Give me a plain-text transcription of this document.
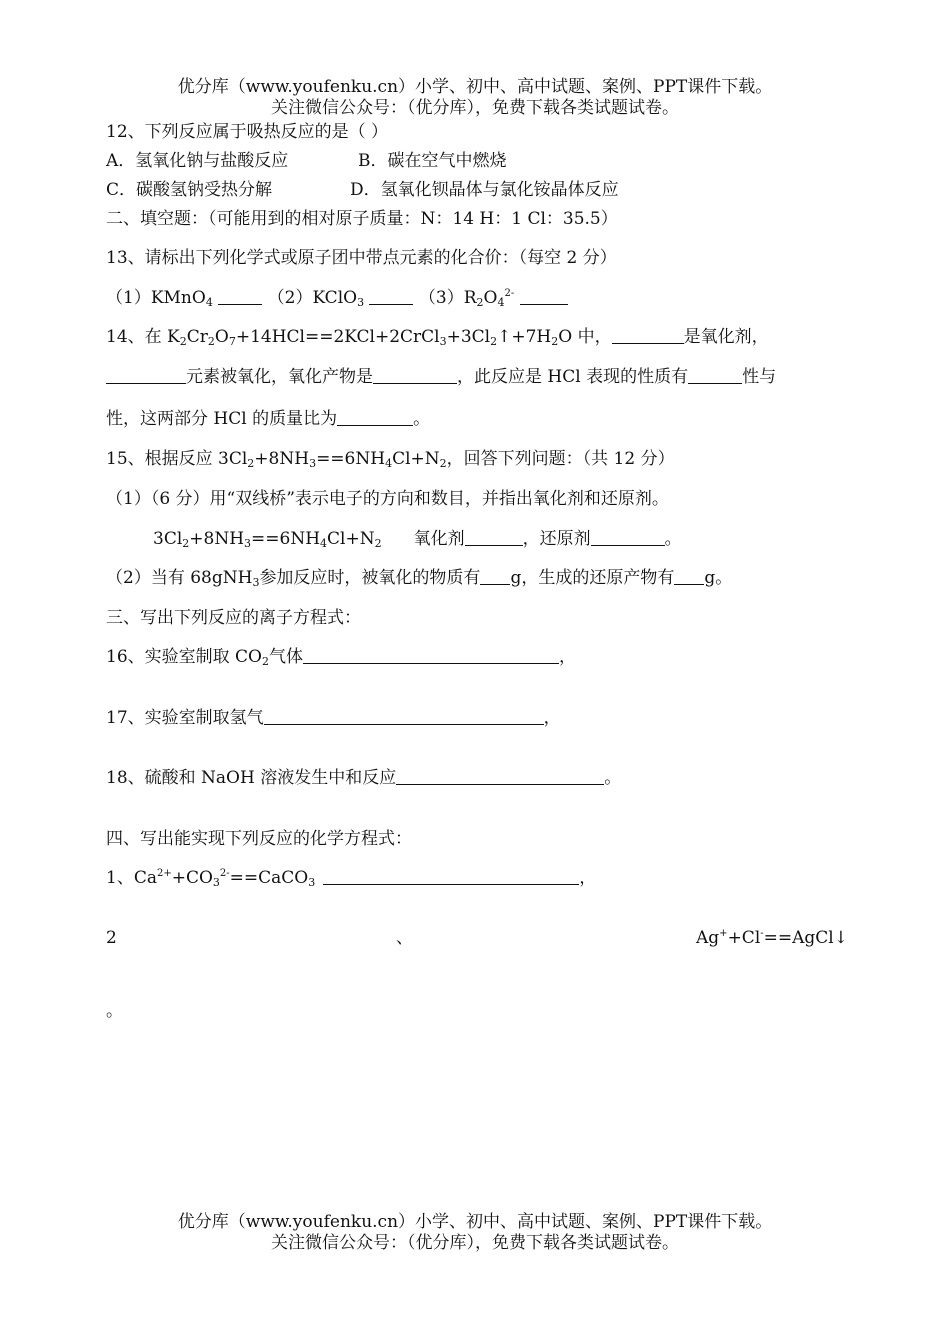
优分库（www.youfenku.cn）小学、初中、高中试题、案例、PPT课件下载。
关注微信公众号：（优分库），免费下载各类试题试卷。
12、下列反应属于吸热反应的是（ ）
A．氢氧化钠与盐酸反应	B．碳在空气中燃烧
C．碳酸氢钠受热分解	D．氢氧化钡晶体与氯化铵晶体反应
二、填空题：（可能用到的相对原子质量：N：14 H：1 Cl：35.5）
13、请标出下列化学式或原子团中带点元素的化合价：（每空 2 分）
（1）KMnO$_4$	（2）KClO$_3$	$(3)R_2O_4^{2-}$
14、在 $K_2Cr_2O_7+14HCl==2KCl+2CrCl_3+3Cl_2↑+7H_2O$ 中，	是氧化剂，
元素被氧化，氧化产物是	，此反应是 HCl 表现的性质有	性与
性，这两部分 HCl 的质量比为	。
15、根据反应 $3Cl_2+8NH_3==6NH_4Cl+N_2$，回答下列问题：（共 12 分）
（1）（6 分）用“双线桥”表示电子的方向和数目，并指出氧化剂和还原剂。
$3Cl_2+8NH_3==6NH_4Cl+N_2$ 氧化剂	，还原剂	。
（2）当有 68gNH$_3$参加反应时，被氧化的物质有 g，生成的还原产物有 g。
三、写出下列反应的离子方程式：
16、实验室制取 $CO_2$气体	，
17、实验室制取氢气	，
18、硫酸和 NaOH 溶液发生中和反应	。
四、写出能实现下列反应的化学方程式：
1、$Ca^{2+}+CO_3^{2-}==CaCO_3$	，
2	、	Ag++Cl-==AgCl↓
。
优分库（www.youfenku.cn）小学、初中、高中试题、案例、PPT课件下载。
关注微信公众号：（优分库），免费下载各类试题试卷。
